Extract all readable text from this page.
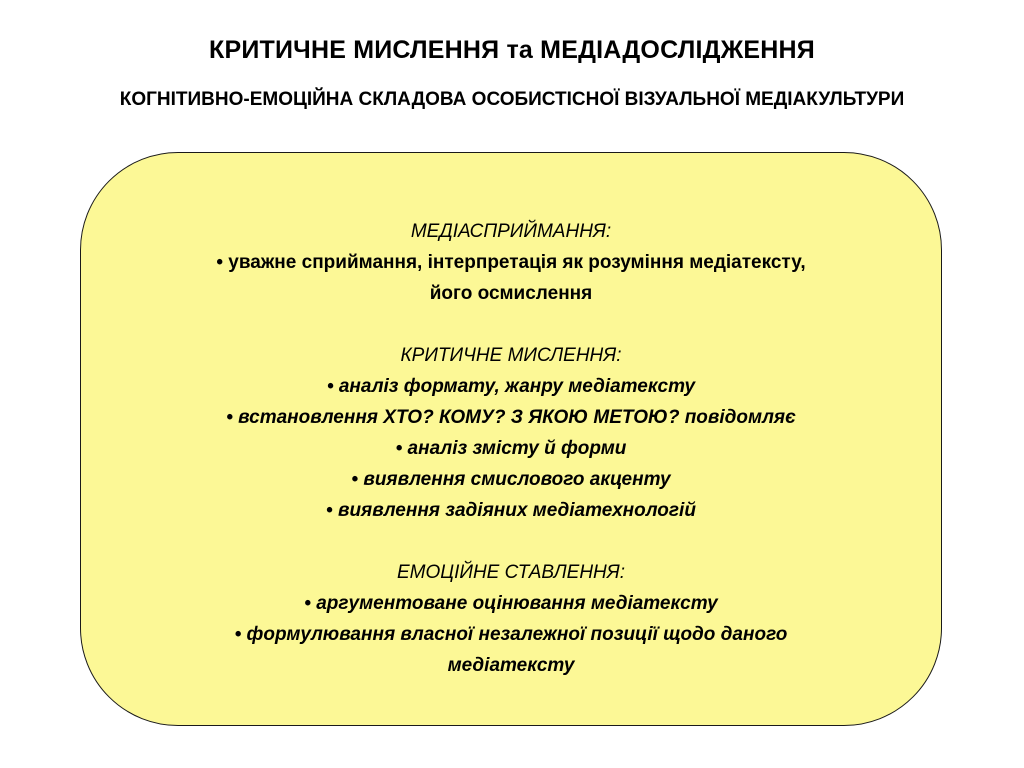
КРИТИЧНЕ МИСЛЕННЯ та МЕДІАДОСЛІДЖЕННЯ
КОГНІТИВНО-ЕМОЦІЙНА СКЛАДОВА ОСОБИСТІСНОЇ ВІЗУАЛЬНОЇ МЕДІАКУЛЬТУРИ
МЕДІАСПРИЙМАННЯ:
• уважне сприймання, інтерпретація як розуміння медіатексту,
його осмислення
КРИТИЧНЕ МИСЛЕННЯ:
• аналіз формату, жанру медіатексту
• встановлення ХТО? КОМУ? З ЯКОЮ МЕТОЮ? повідомляє
• аналіз змісту й форми
• виявлення смислового акценту
• виявлення задіяних медіатехнологій
ЕМОЦІЙНЕ СТАВЛЕННЯ:
• аргументоване оцінювання медіатексту
• формулювання власної незалежної позиції щодо даного
медіатексту
